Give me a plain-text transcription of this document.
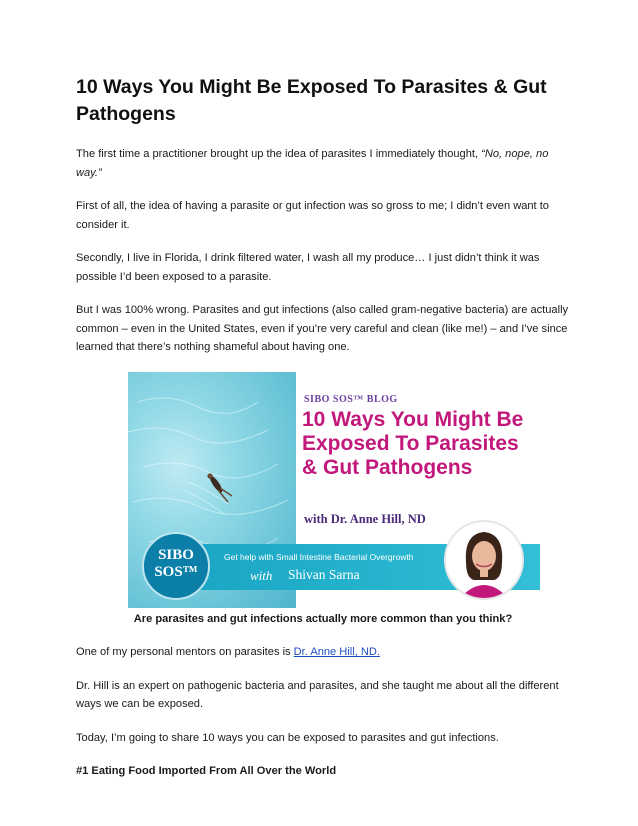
10 Ways You Might Be Exposed To Parasites & Gut Pathogens

The first time a practitioner brought up the idea of parasites I immediately thought, “No, nope, no way.”

First of all, the idea of having a parasite or gut infection was so gross to me; I didn’t even want to consider it.

Secondly, I live in Florida, I drink filtered water, I wash all my produce… I just didn’t think it was possible I’d been exposed to a parasite.

But I was 100% wrong. Parasites and gut infections (also called gram-negative bacteria) are actually common – even in the United States, even if you’re very careful and clean (like me!) – and I’ve since learned that there’s nothing shameful about having one.

SIBO SOS™ BLOG
10 Ways You Might Be Exposed To Parasites & Gut Pathogens
with Dr. Anne Hill, ND
Get help with Small Intestine Bacterial Overgrowth
with Shivan Sarna
SIBO
SOS™

Are parasites and gut infections actually more common than you think?

One of my personal mentors on parasites is Dr. Anne Hill, ND.

Dr. Hill is an expert on pathogenic bacteria and parasites, and she taught me about all the different ways we can be exposed.

Today, I’m going to share 10 ways you can be exposed to parasites and gut infections.

#1 Eating Food Imported From All Over the World
